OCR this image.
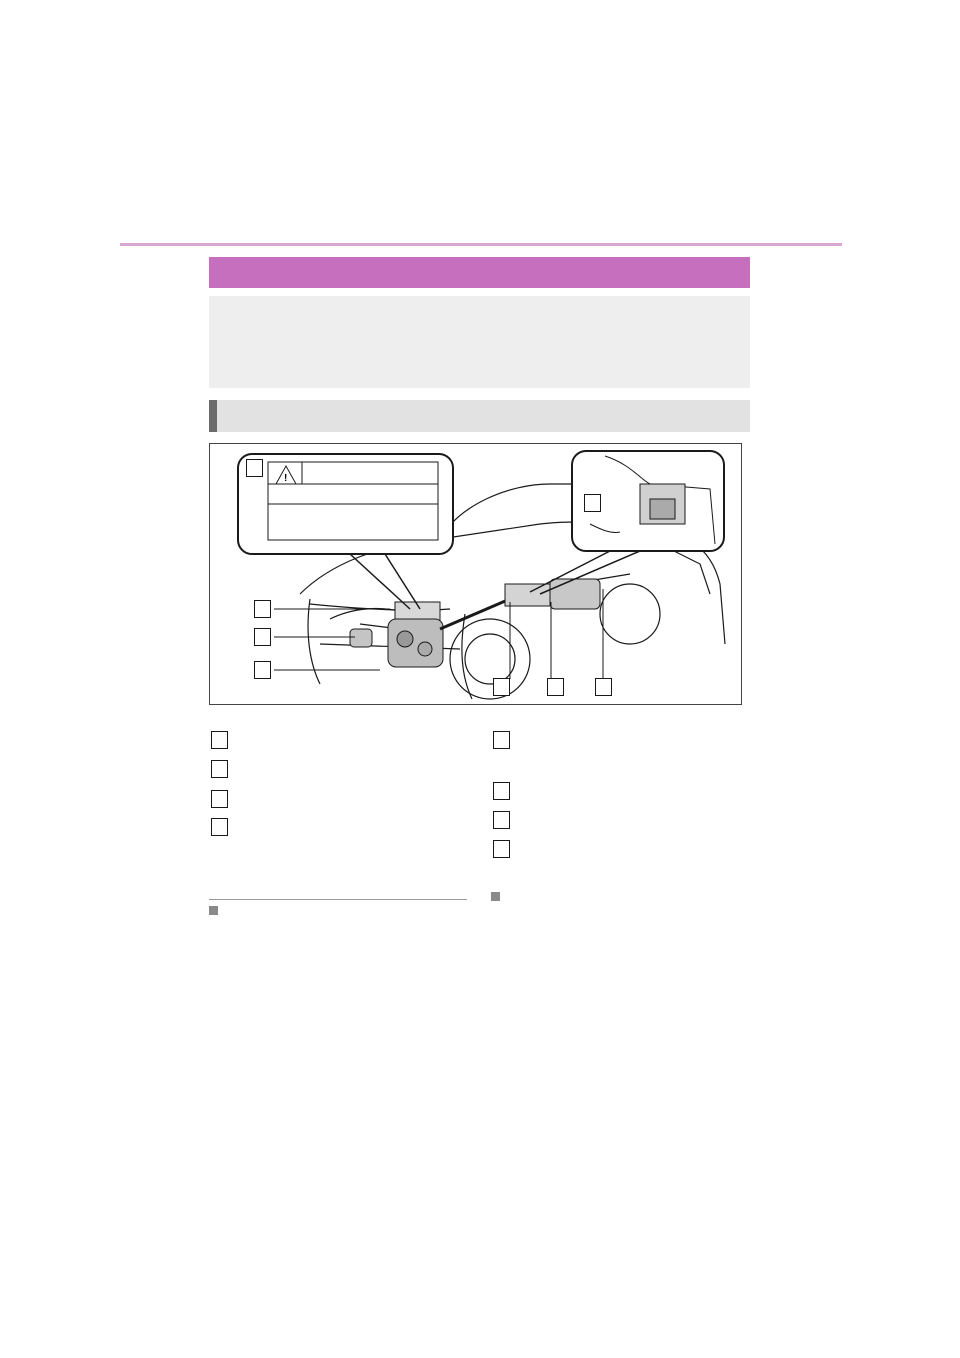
!
